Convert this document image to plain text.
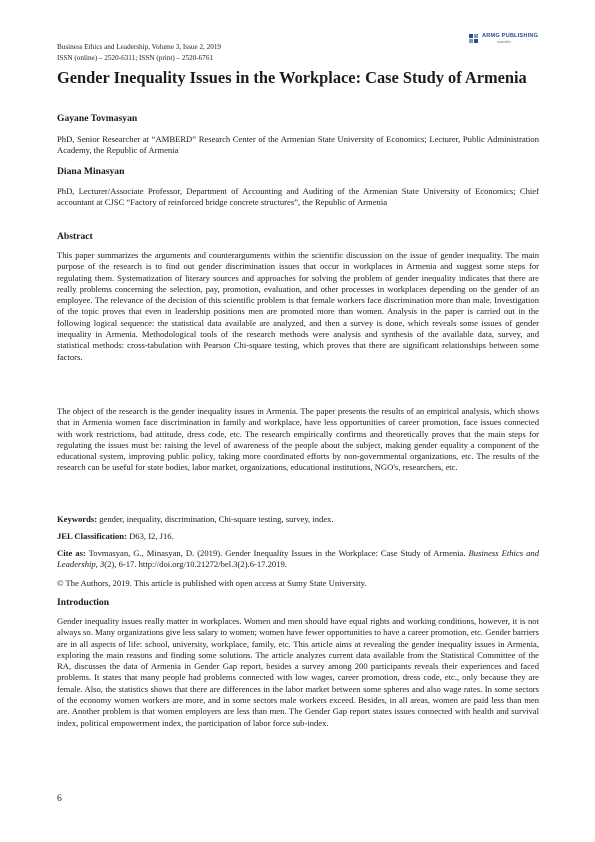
Business Ethics and Leadership, Volume 3, Issue 2, 2019
ISSN (online) – 2520-6311; ISSN (print) – 2520-6761
ARMG PUBLISHING
scientific
Gender Inequality Issues in the Workplace: Case Study of Armenia

Gayane Tovmasyan

PhD, Senior Researcher at “AMBERD” Research Center of the Armenian State University of Economics; Lecturer, Public Administration Academy, the Republic of Armenia

Diana Minasyan

PhD, Lecturer/Associate Professor, Department of Accounting and Auditing of the Armenian State University of Economics; Chief accountant at CJSC “Factory of reinforced bridge concrete structures”, the Republic of Armenia

Abstract

This paper summarizes the arguments and counterarguments within the scientific discussion on the issue of gender inequality. The main purpose of the research is to find out gender discrimination issues that occur in workplaces in Armenia and suggest some steps for regulating them. Systematization of literary sources and approaches for solving the problem of gender inequality indicates that there are really problems concerning the selection, pay, promotion, evaluation, and other processes in workplaces depending on the gender of an employee. The relevance of the decision of this scientific problem is that female workers face discrimination more than male. Investigation of the topic proves that even in leadership positions men are promoted more than women. Analysis in the paper is carried out in the following logical sequence: the statistical data available are analyzed, and then a survey is done, which reveals some issues of gender inequality in Armenia. Methodological tools of the research methods were analysis and synthesis of the available data, survey, and statistical methods: cross-tabulation with Pearson Chi-square testing, which proves that there are significant relationships between some factors.

The object of the research is the gender inequality issues in Armenia. The paper presents the results of an empirical analysis, which shows that in Armenia women face discrimination in family and workplace, have less opportunities of career promotion, face issues connected with work restrictions, bad attitude, dress code, etc. The research empirically confirms and theoretically proves that the main steps for regulating the issues must be: raising the level of awareness of the people about the subject, making gender equality a component of the educational system, improving public policy, taking more coordinated efforts by non-governmental organizations, etc. The results of the research can be useful for state bodies, labor market, organizations, educational institutions, NGO's, researchers, etc.

Keywords: gender, inequality, discrimination, Chi-square testing, survey, index.

JEL Classification: D63, I2, J16.

Cite as: Tovmasyan, G., Minasyan, D. (2019). Gender Inequality Issues in the Workplace: Case Study of Armenia. Business Ethics and Leadership, 3(2), 6-17. http://doi.org/10.21272/bel.3(2).6-17.2019.

© The Authors, 2019. This article is published with open access at Sumy State University.

Introduction

Gender inequality issues really matter in workplaces. Women and men should have equal rights and working conditions, however, it is not always so. Many organizations give less salary to women; women have fewer opportunities to have a career promotion, etc. Gender barriers are in all aspects of life: school, university, workplace, family, etc. This article aims at revealing the gender inequality issues in Armenia, exploring the main reasons and finding some solutions. The article analyzes current data available from the Statistical Committee of the RA, discusses the data of Armenia in Gender Gap report, besides a survey among 200 participants reveals their experiences and faced problems. It states that many people had problems connected with low wages, career promotion, dress code, etc., only because they are female. Also, the statistics shows that there are differences in the labor market between some spheres and also wage rates. In some sectors of the economy women workers are more, and in some sectors male workers exceed. Besides, in all areas, women are paid less than men are. Another problem is that women employers are less than men. The Gender Gap report states issues connected with health and survival index, political empowerment index, the participation of labor force sub-index.

6
